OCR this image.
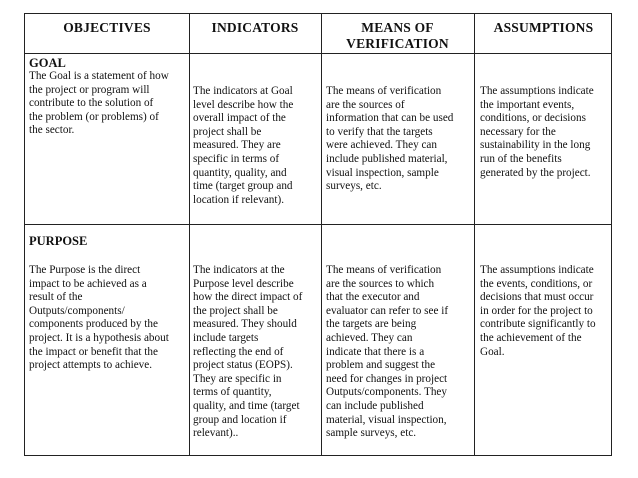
OBJECTIVES	INDICATORS	MEANS OF
VERIFICATION
ASSUMPTIONS
GOAL
The Goal is a statement of how
the project or program will
contribute to the solution of
the problem (or problems) of
the sector.
The indicators at Goal
level describe how the
overall impact of the
project shall be
measured. They are
specific in terms of
quantity, quality, and
time (target group and
location if relevant).
The means of verification
are the sources of
information that can be used
to verify that the targets
were achieved. They can
include published material,
visual inspection, sample
surveys, etc.
The assumptions indicate
the important events,
conditions, or decisions
necessary for the
sustainability in the long
run of the benefits
generated by the project.
PURPOSE
The Purpose is the direct
impact to be achieved as a
result of the
Outputs/components/
components produced by the
project. It is a hypothesis about
the impact or benefit that the
project attempts to achieve.
The indicators at the
Purpose level describe
how the direct impact of
the project shall be
measured. They should
include targets
reflecting the end of
project status (EOPS).
They are specific in
terms of quantity,
quality, and time (target
group and location if
relevant)..
The means of verification
are the sources to which
that the executor and
evaluator can refer to see if
the targets are being
achieved. They can
indicate that there is a
problem and suggest the
need for changes in project
Outputs/components. They
can include published
material, visual inspection,
sample surveys, etc.
The assumptions indicate
the events, conditions, or
decisions that must occur
in order for the project to
contribute significantly to
the achievement of the
Goal.
